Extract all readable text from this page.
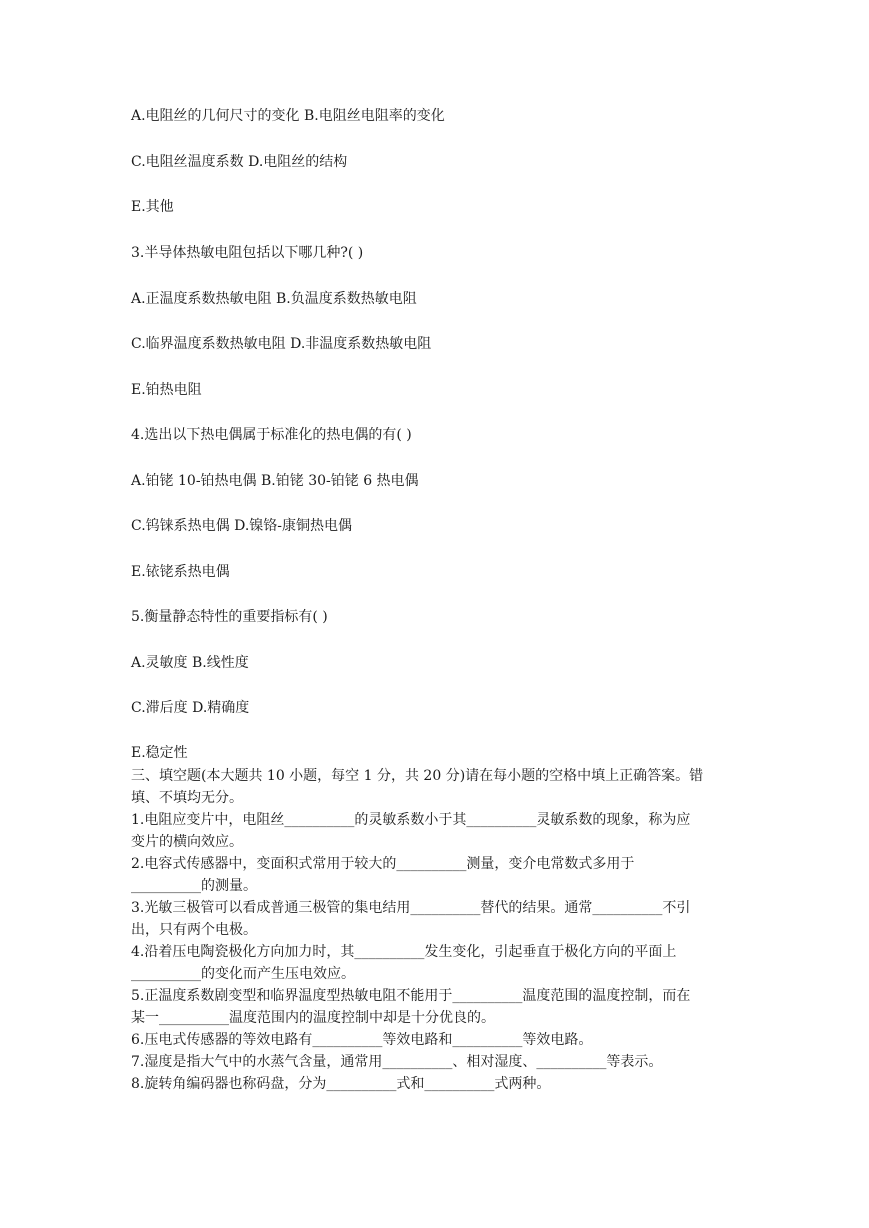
A.电阻丝的几何尺寸的变化 B.电阻丝电阻率的变化
C.电阻丝温度系数 D.电阻丝的结构
E.其他
3.半导体热敏电阻包括以下哪几种?( )
A.正温度系数热敏电阻 B.负温度系数热敏电阻
C.临界温度系数热敏电阻 D.非温度系数热敏电阻
E.铂热电阻
4.选出以下热电偶属于标准化的热电偶的有( )
A.铂铑 10-铂热电偶 B.铂铑 30-铂铑 6 热电偶
C.钨铼系热电偶 D.镍铬-康铜热电偶
E.铱铑系热电偶
5.衡量静态特性的重要指标有( )
A.灵敏度 B.线性度
C.滞后度 D.精确度
E.稳定性
三、填空题(本大题共 10 小题，每空 1 分，共 20 分)请在每小题的空格中填上正确答案。错
填、不填均无分。
1.电阻应变片中，电阻丝__________的灵敏系数小于其__________灵敏系数的现象，称为应
变片的横向效应。
2.电容式传感器中，变面积式常用于较大的__________测量，变介电常数式多用于
__________的测量。
3.光敏三极管可以看成普通三极管的集电结用__________替代的结果。通常__________不引
出，只有两个电极。
4.沿着压电陶瓷极化方向加力时，其__________发生变化，引起垂直于极化方向的平面上
__________的变化而产生压电效应。
5.正温度系数剧变型和临界温度型热敏电阻不能用于__________温度范围的温度控制，而在
某一__________温度范围内的温度控制中却是十分优良的。
6.压电式传感器的等效电路有__________等效电路和__________等效电路。
7.湿度是指大气中的水蒸气含量，通常用__________、相对湿度、__________等表示。
8.旋转角编码器也称码盘，分为__________式和__________式两种。
